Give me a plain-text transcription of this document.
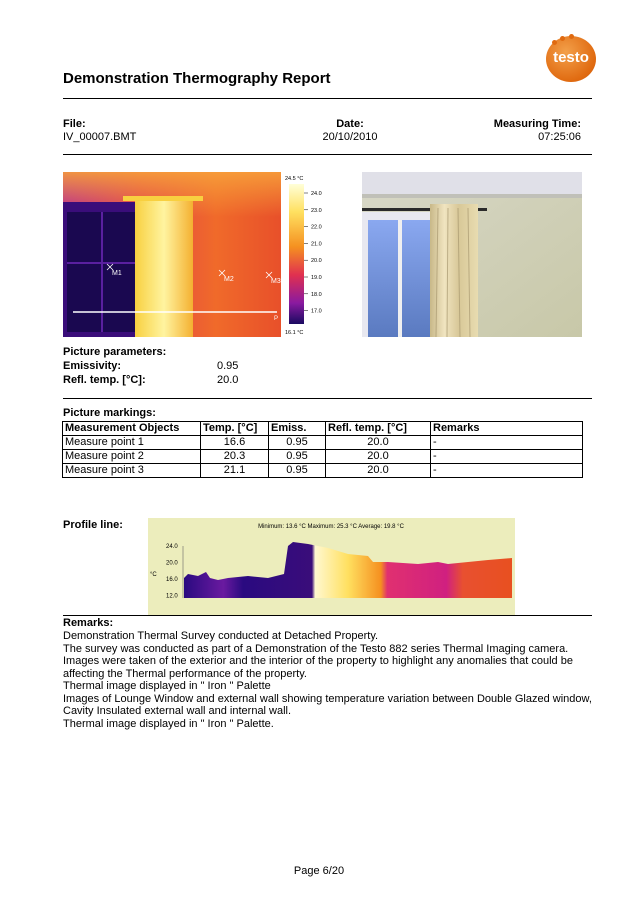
testo
Demonstration Thermography Report
File:
IV_00007.BMT
Date:
20/10/2010
Measuring Time:
07:25:06
M1
M2	M3
P
24.5 °C
24.0
23.0
22.0
21.0
20.0
19.0
18.0
17.0
16.1 °C
Picture parameters:
Emissivity:	0.95
Refl. temp. [°C]:	20.0
Picture markings:
Measurement Objects	Temp. [°C]	Emiss.	Refl. temp. [°C]	Remarks
Measure point 1	16.6	0.95	20.0	-
Measure point 2	20.3	0.95	20.0	-
Measure point 3	21.1	0.95	20.0	-
Profile line:	Minimum: 13.6 °C Maximum: 25.3 °C Average: 19.8 °C
24.0
20.0
16.0
12.0
°C
Remarks:
Demonstration Thermal Survey conducted at Detached Property.
The survey was conducted as part of a Demonstration of the Testo 882 series Thermal Imaging camera.
Images were taken of the exterior and the interior of the property to highlight any anomalies that could be
affecting the Thermal performance of the property.
Thermal image displayed in " Iron " Palette
Images of Lounge Window and external wall showing temperature variation between Double Glazed window,
Cavity Insulated external wall and internal wall.
Thermal image displayed in " Iron " Palette.
Page 6/20
